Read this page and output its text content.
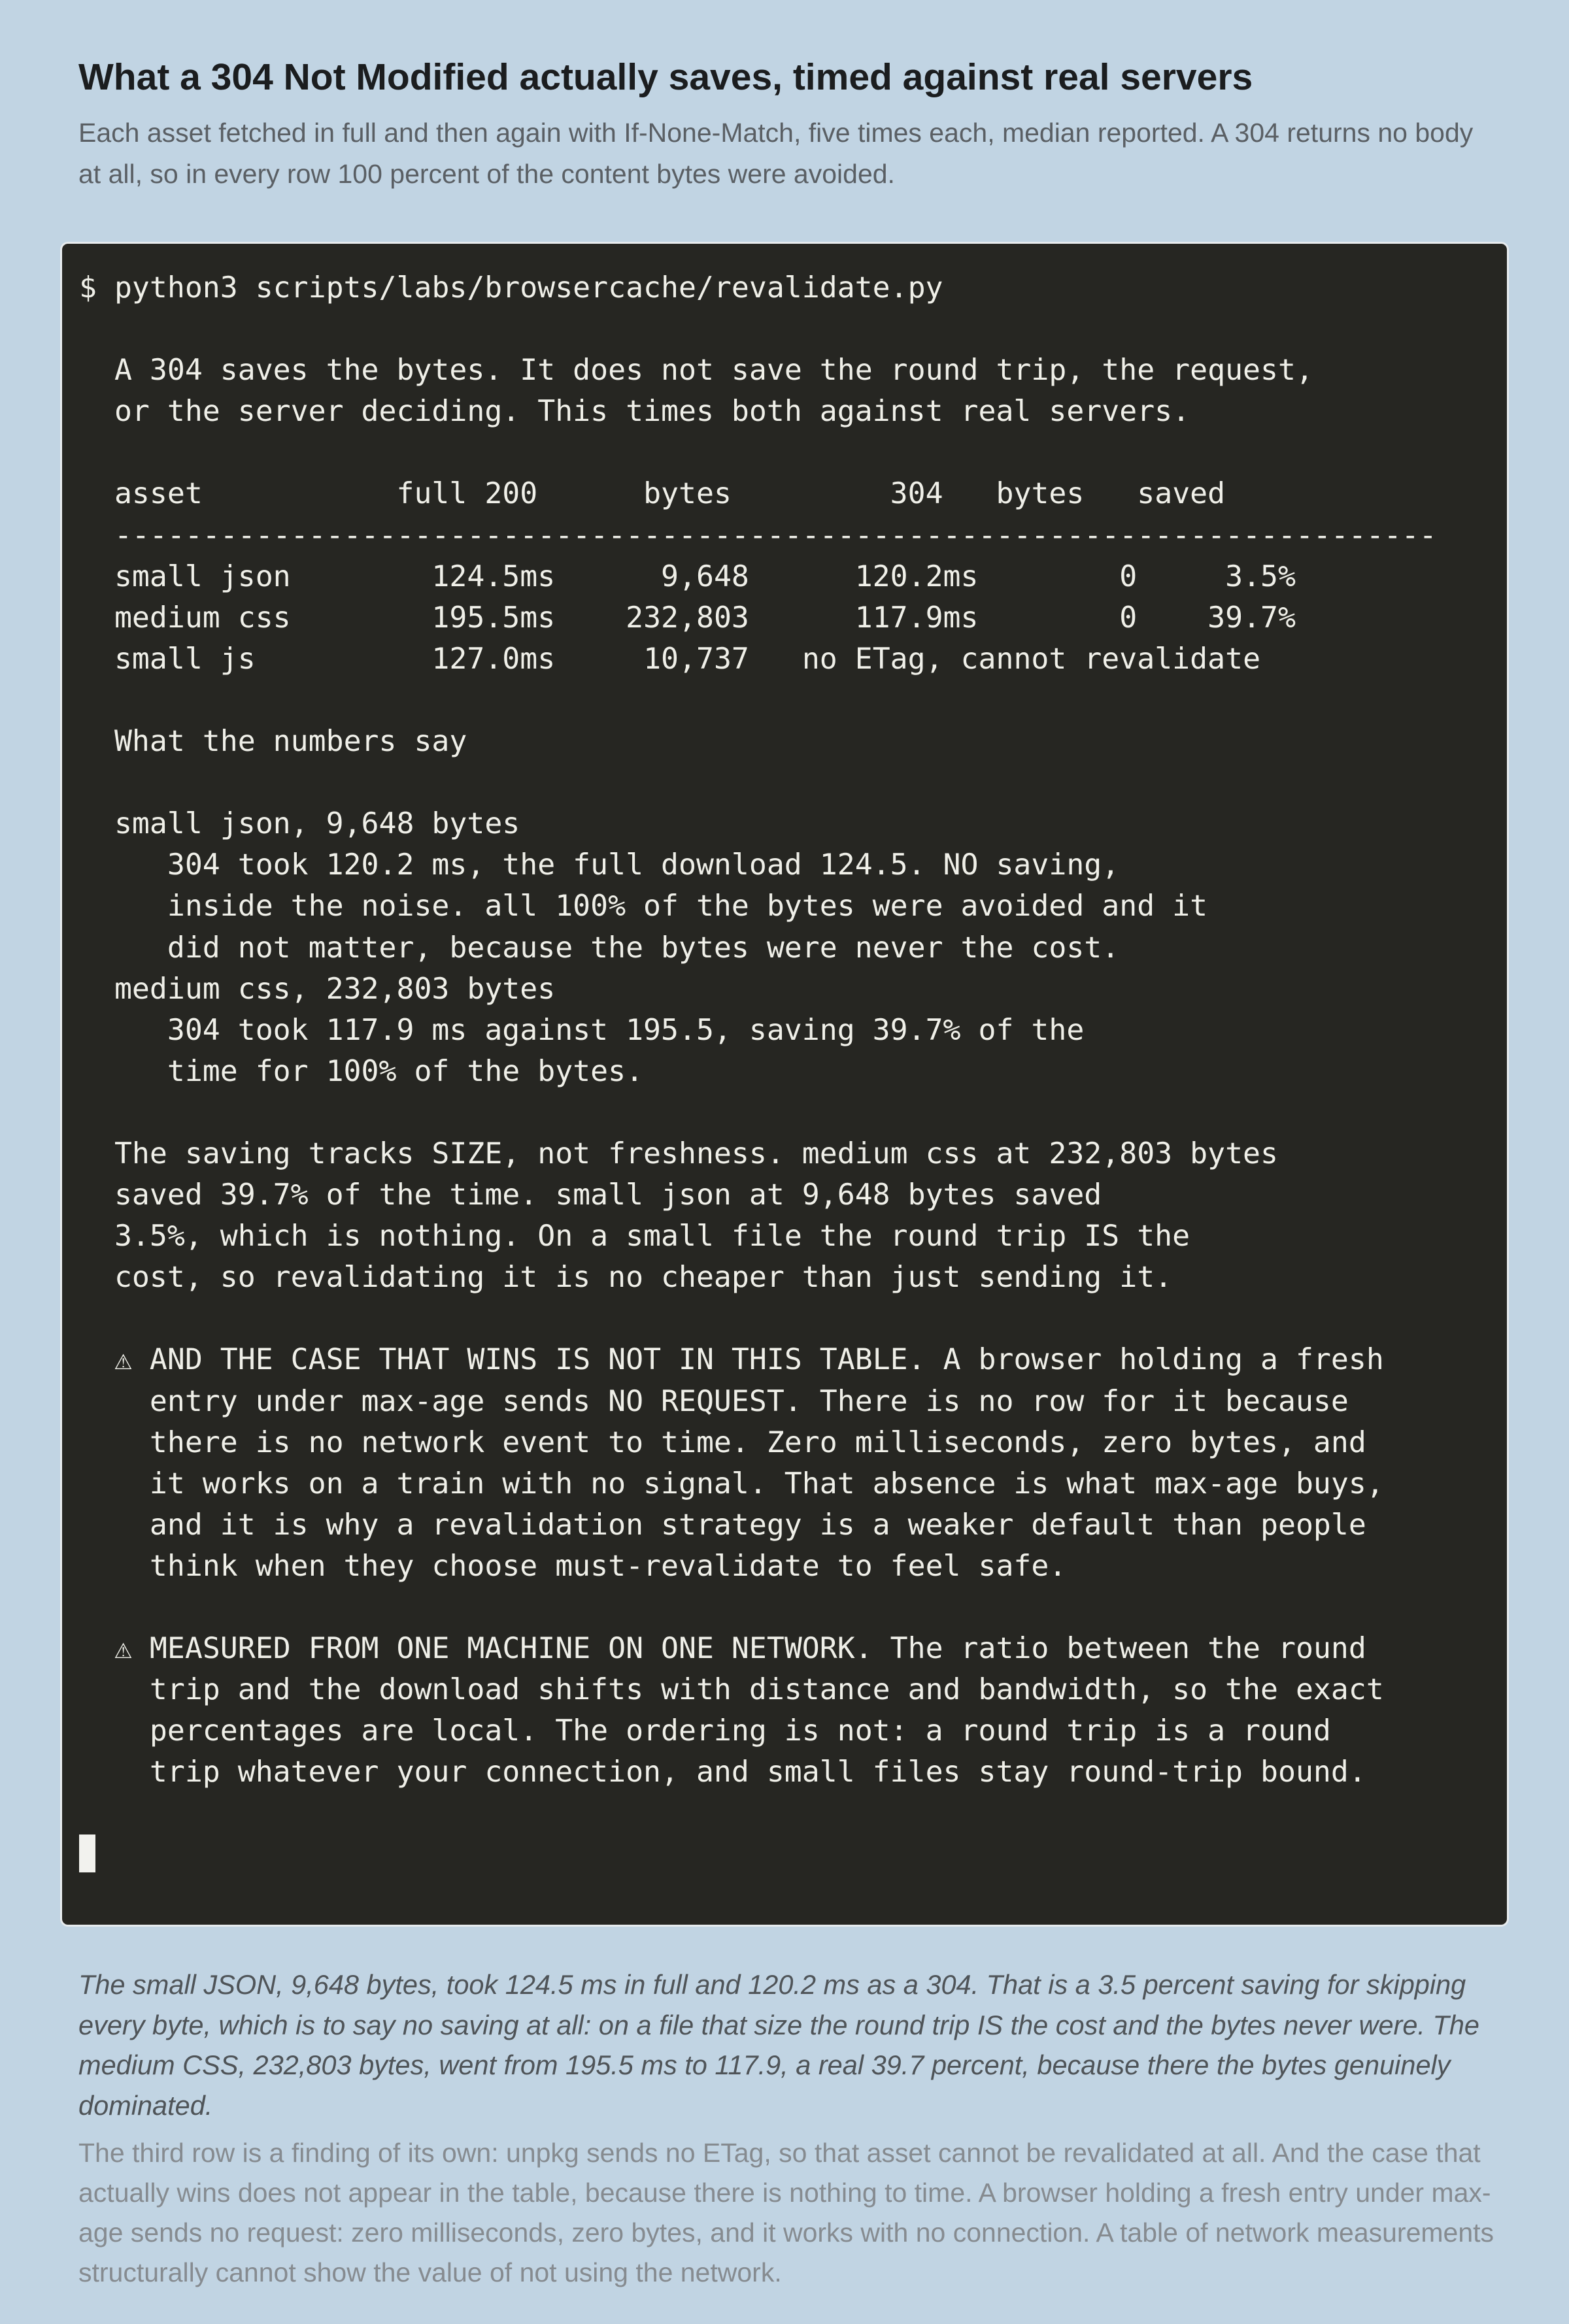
What a 304 Not Modified actually saves, timed against real servers

Each asset fetched in full and then again with If-None-Match, five times each, median reported. A 304 returns no body at all, so in every row 100 percent of the content bytes were avoided.

$ python3 scripts/labs/browsercache/revalidate.py

A 304 saves the bytes. It does not save the round trip, the request,
or the server deciding. This times both against real servers.

asset           full 200      bytes         304   bytes   saved
---------------------------------------------------------------------------
small json        124.5ms      9,648      120.2ms        0     3.5%
medium css        195.5ms    232,803      117.9ms        0    39.7%
small js          127.0ms     10,737 no ETag, cannot revalidate

What the numbers say

small json, 9,648 bytes
304 took 120.2 ms, the full download 124.5. NO saving,
inside the noise. all 100% of the bytes were avoided and it
did not matter, because the bytes were never the cost.
medium css, 232,803 bytes
304 took 117.9 ms against 195.5, saving 39.7% of the
time for 100% of the bytes.

The saving tracks SIZE, not freshness. medium css at 232,803 bytes
saved 39.7% of the time. small json at 9,648 bytes saved
3.5%, which is nothing. On a small file the round trip IS the
cost, so revalidating it is no cheaper than just sending it.

⚠ AND THE CASE THAT WINS IS NOT IN THIS TABLE. A browser holding a fresh
entry under max-age sends NO REQUEST. There is no row for it because
there is no network event to time. Zero milliseconds, zero bytes, and
it works on a train with no signal. That absence is what max-age buys,
and it is why a revalidation strategy is a weaker default than people
think when they choose must-revalidate to feel safe.

⚠ MEASURED FROM ONE MACHINE ON ONE NETWORK. The ratio between the round
trip and the download shifts with distance and bandwidth, so the exact
percentages are local. The ordering is not: a round trip is a round
trip whatever your connection, and small files stay round-trip bound.

The small JSON, 9,648 bytes, took 124.5 ms in full and 120.2 ms as a 304. That is a 3.5 percent saving for skipping every byte, which is to say no saving at all: on a file that size the round trip IS the cost and the bytes never were. The medium CSS, 232,803 bytes, went from 195.5 ms to 117.9, a real 39.7 percent, because there the bytes genuinely dominated.

The third row is a finding of its own: unpkg sends no ETag, so that asset cannot be revalidated at all. And the case that actually wins does not appear in the table, because there is nothing to time. A browser holding a fresh entry under max-age sends no request: zero milliseconds, zero bytes, and it works with no connection. A table of network measurements structurally cannot show the value of not using the network.
